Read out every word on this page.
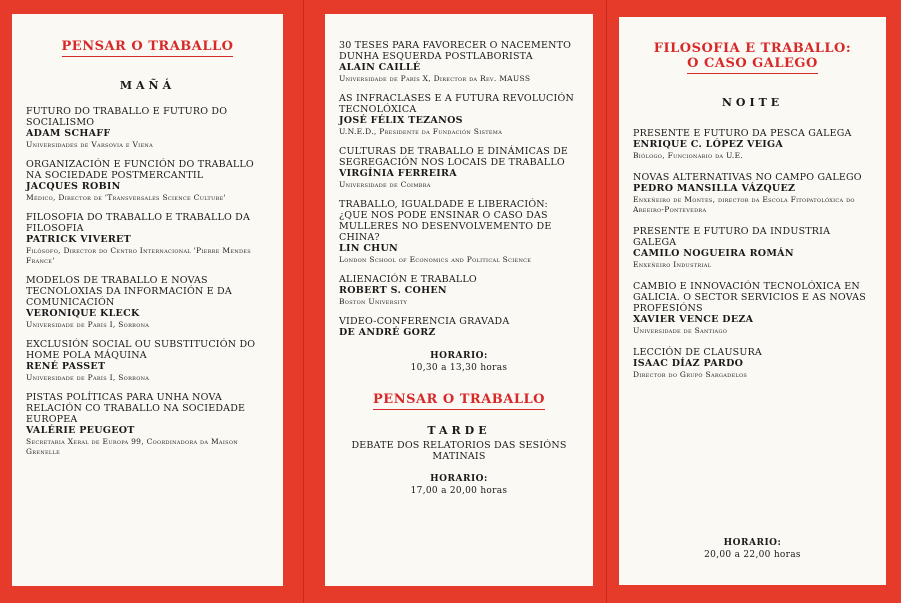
PENSAR O TRABALLO
MAÑÁ
FUTURO DO TRABALLO E FUTURO DO SOCIALISMO
ADAM SCHAFF
Universidades de Varsovia e Viena
ORGANIZACIÓN E FUNCIÓN DO TRABALLO NA SOCIEDADE POSTMERCANTIL
JACQUES ROBIN
Médico, Director de 'Transversales Science Culture'
FILOSOFIA DO TRABALLO E TRABALLO DA FILOSOFIA
PATRICK VIVERET
Filósofo, Director do Centro Internacional 'Pierre Mendes France'
MODELOS DE TRABALLO E NOVAS TECNOLOXIAS DA INFORMACIÓN E DA COMUNICACIÓN
VERONIQUE KLECK
Universidade de París I, Sorbona
EXCLUSIÓN SOCIAL OU SUBSTITUCIÓN DO HOME POLA MÁQUINA
RENÉ PASSET
Universidade de París I, Sorbona
PISTAS POLÍTICAS PARA UNHA NOVA RELACIÓN CO TRABALLO NA SOCIEDADE EUROPEA
VALÉRIE PEUGEOT
Secretaria Xeral de Europa 99, Coordinadora da Maison Grenelle
30 TESES PARA FAVORECER O NACEMENTO DUNHA ESQUERDA POSTLABORISTA
ALAIN CAILLÉ
Universidade de París X, Director da Rev. MAUSS
AS INFRACLASES E A FUTURA REVOLUCIÓN TECNOLÓXICA
JOSÉ FÉLIX TEZANOS
U.N.E.D., Presidente da Fundación Sistema
CULTURAS DE TRABALLO E DINÁMICAS DE SEGREGACIÓN NOS LOCAIS DE TRABALLO
VIRGÍNIA FERREIRA
Universidade de Coimbra
TRABALLO, IGUALDADE E LIBERACIÓN: ¿QUE NOS PODE ENSINAR O CASO DAS MULLERES NO DESENVOLVEMENTO DE CHINA?
LIN CHUN
London School of Economics and Political Science
ALIENACIÓN E TRABALLO
ROBERT S. COHEN
Boston University
VIDEO-CONFERENCIA GRAVADA
DE ANDRÉ GORZ
HORARIO:
10,30 a 13,30 horas
PENSAR O TRABALLO
TARDE
DEBATE DOS RELATORIOS DAS SESIÓNS MATINAIS
HORARIO:
17,00 a 20,00 horas
FILOSOFIA E TRABALLO:
O CASO GALEGO
NOITE
PRESENTE E FUTURO DA PESCA GALEGA
ENRIQUE C. LÓPEZ VEIGA
Biólogo, Funcionario da U.E.
NOVAS ALTERNATIVAS NO CAMPO GALEGO
PEDRO MANSILLA VÁZQUEZ
Enxeñeiro de Montes, director da Escola Fitopatolóxica do Areeiro-Pontevedra
PRESENTE E FUTURO DA INDUSTRIA GALEGA
CAMILO NOGUEIRA ROMÁN
Enxeñeiro Industrial
CAMBIO E INNOVACIÓN TECNOLÓXICA EN GALICIA. O SECTOR SERVICIOS E AS NOVAS PROFESIÓNS
XAVIER VENCE DEZA
Universidade de Santiago
LECCIÓN DE CLAUSURA
ISAAC DÍAZ PARDO
Director do Grupo Sargadelos
HORARIO:
20,00 a 22,00 horas
